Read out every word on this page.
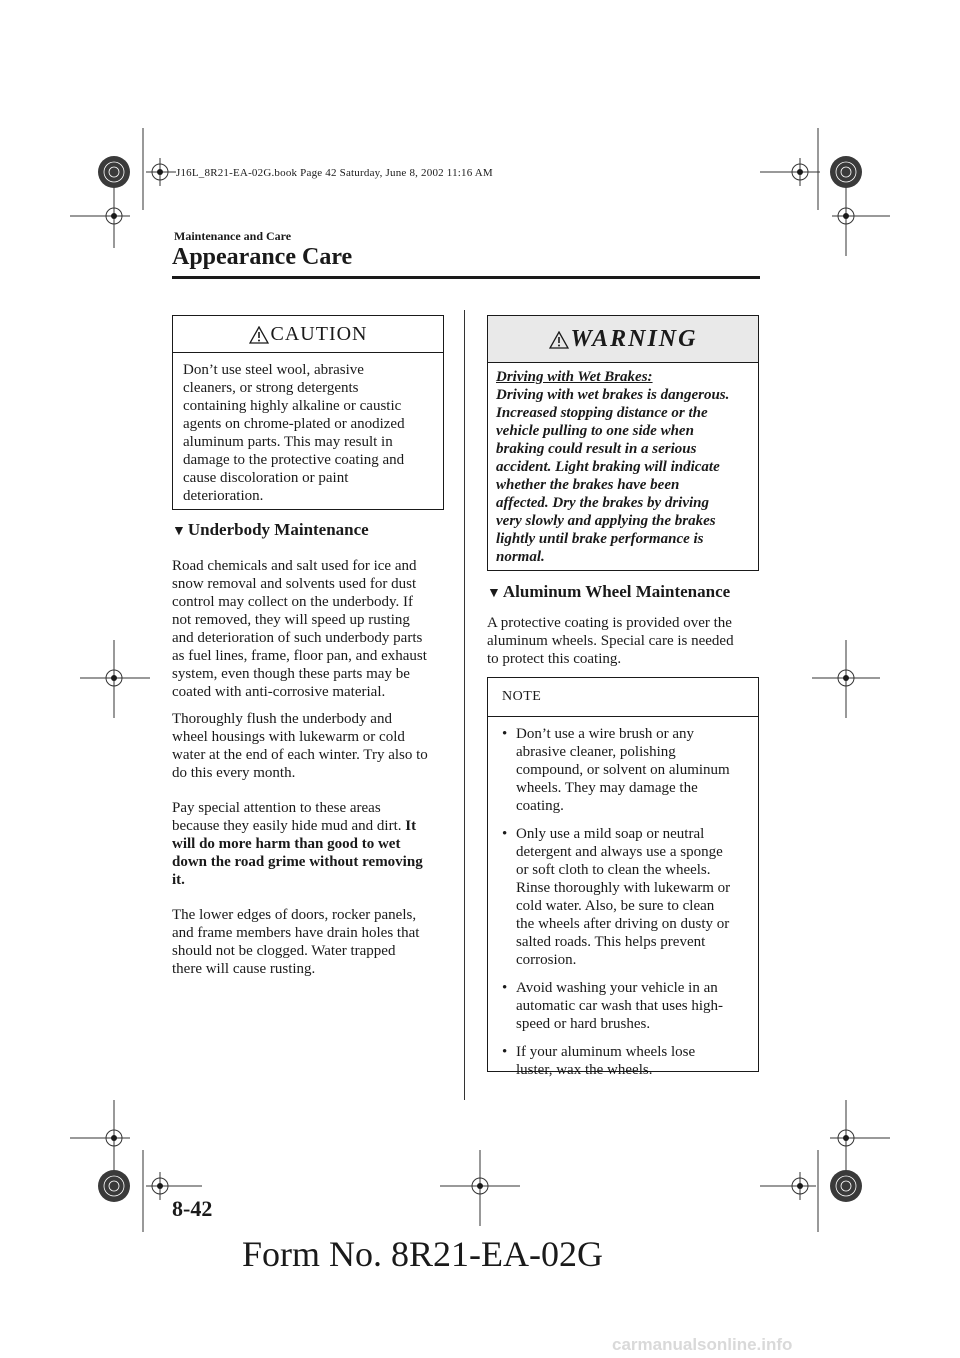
J16L_8R21-EA-02G.book Page 42 Saturday, June 8, 2002 11:16 AM
Maintenance and Care
Appearance Care
CAUTION
Don’t use steel wool, abrasive
cleaners, or strong detergents
containing highly alkaline or caustic
agents on chrome-plated or anodized
aluminum parts. This may result in
damage to the protective coating and
cause discoloration or paint
deterioration.
▼ Underbody Maintenance
Road chemicals and salt used for ice and
snow removal and solvents used for dust
control may collect on the underbody. If
not removed, they will speed up rusting
and deterioration of such underbody parts
as fuel lines, frame, floor pan, and exhaust
system, even though these parts may be
coated with anti-corrosive material.
Thoroughly flush the underbody and
wheel housings with lukewarm or cold
water at the end of each winter. Try also to
do this every month.
Pay special attention to these areas
because they easily hide mud and dirt. It
will do more harm than good to wet
down the road grime without removing
it.
The lower edges of doors, rocker panels,
and frame members have drain holes that
should not be clogged. Water trapped
there will cause rusting.
WARNING
Driving with Wet Brakes:
Driving with wet brakes is dangerous.
Increased stopping distance or the
vehicle pulling to one side when
braking could result in a serious
accident. Light braking will indicate
whether the brakes have been
affected. Dry the brakes by driving
very slowly and applying the brakes
lightly until brake performance is
normal.
▼ Aluminum Wheel Maintenance
A protective coating is provided over the
aluminum wheels. Special care is needed
to protect this coating.
NOTE
• Don’t use a wire brush or any
abrasive cleaner, polishing
compound, or solvent on aluminum
wheels. They may damage the
coating.
• Only use a mild soap or neutral
detergent and always use a sponge
or soft cloth to clean the wheels.
Rinse thoroughly with lukewarm or
cold water. Also, be sure to clean
the wheels after driving on dusty or
salted roads. This helps prevent
corrosion.
• Avoid washing your vehicle in an
automatic car wash that uses high-
speed or hard brushes.
• If your aluminum wheels lose
luster, wax the wheels.
8-42
Form No. 8R21-EA-02G
carmanualsonline.info
